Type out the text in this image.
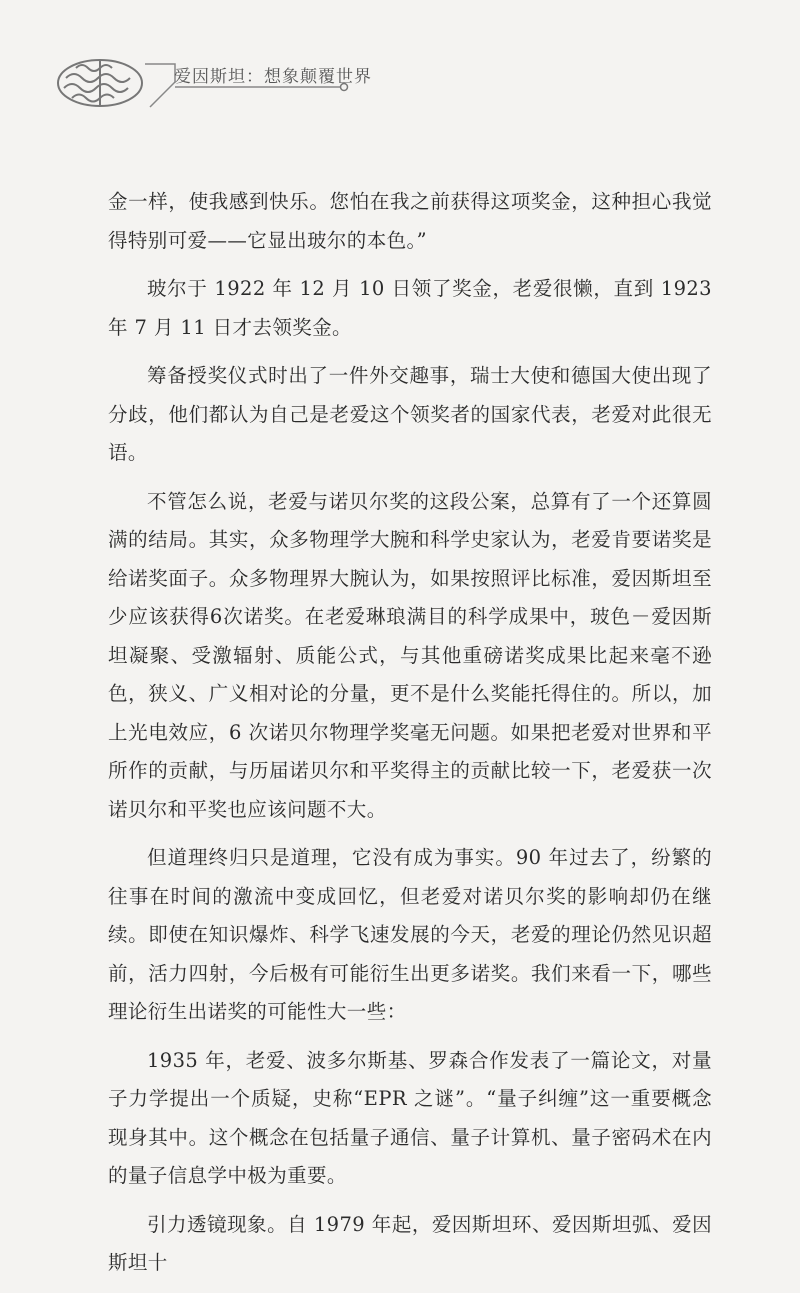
爱因斯坦：想象颠覆世界

金一样，使我感到快乐。您怕在我之前获得这项奖金，这种担心我觉得特别可爱——它显出玻尔的本色。”

玻尔于 1922 年 12 月 10 日领了奖金，老爱很懒，直到 1923 年 7 月 11 日才去领奖金。

筹备授奖仪式时出了一件外交趣事，瑞士大使和德国大使出现了分歧，他们都认为自己是老爱这个领奖者的国家代表，老爱对此很无语。

不管怎么说，老爱与诺贝尔奖的这段公案，总算有了一个还算圆满的结局。其实，众多物理学大腕和科学史家认为，老爱肯要诺奖是给诺奖面子。众多物理界大腕认为，如果按照评比标准，爱因斯坦至少应该获得6次诺奖。在老爱琳琅满目的科学成果中，玻色－爱因斯坦凝聚、受激辐射、质能公式，与其他重磅诺奖成果比起来毫不逊色，狭义、广义相对论的分量，更不是什么奖能托得住的。所以，加上光电效应，6 次诺贝尔物理学奖毫无问题。如果把老爱对世界和平所作的贡献，与历届诺贝尔和平奖得主的贡献比较一下，老爱获一次诺贝尔和平奖也应该问题不大。

但道理终归只是道理，它没有成为事实。90 年过去了，纷繁的往事在时间的激流中变成回忆，但老爱对诺贝尔奖的影响却仍在继续。即使在知识爆炸、科学飞速发展的今天，老爱的理论仍然见识超前，活力四射，今后极有可能衍生出更多诺奖。我们来看一下，哪些理论衍生出诺奖的可能性大一些：

1935 年，老爱、波多尔斯基、罗森合作发表了一篇论文，对量子力学提出一个质疑，史称“EPR 之谜”。“量子纠缠”这一重要概念现身其中。这个概念在包括量子通信、量子计算机、量子密码术在内的量子信息学中极为重要。

引力透镜现象。自 1979 年起，爱因斯坦环、爱因斯坦弧、爱因斯坦十
